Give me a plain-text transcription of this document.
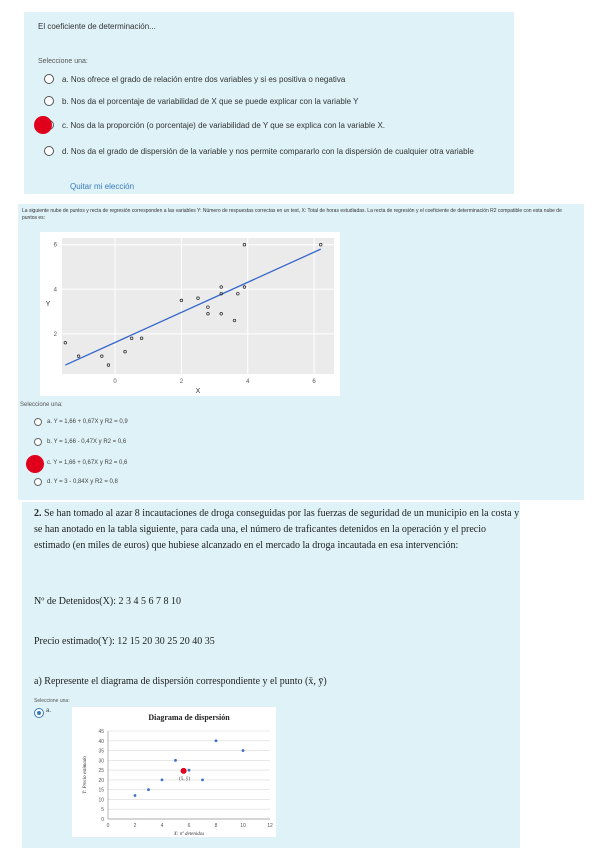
El coeficiente de determinación...
Seleccione una:
a. Nos ofrece el grado de relación entre dos variables y si es positiva o negativa
b. Nos da el porcentaje de variabilidad de X que se puede explicar con la variable Y
c. Nos da la proporción (o porcentaje) de variabilidad de Y que se explica con la variable X.
d. Nos da el grado de dispersión de la variable y nos permite compararlo con la dispersión de cualquier otra variable
Quitar mi elección
La siguiente nube de puntos y recta de regresión corresponden a las variables Y: Número de respuestas correctas en un test, X: Total de horas estudiadas. La recta de regresión y el coeficiente de determinación R2 compatible con esta nube de puntos es:
0	2	4	6
2
4
6
X
Y
Seleccione una:
a. Y = 1,66 + 0,67X y R2 = 0,9
b. Y = 1,66 - 0,47X y R2 = 0,6
c. Y = 1,66 + 0,67X y R2 = 0,6
d. Y = 3 - 0,84X y R2 = 0,8
2. Se han tomado al azar 8 incautaciones de droga conseguidas por las fuerzas de seguridad de un municipio en la costa y se han anotado en la tabla siguiente, para cada una, el número de traficantes detenidos en la operación y el precio estimado (en miles de euros) que hubiese alcanzado en el mercado la droga incautada en esa intervención:
Nº de Detenidos(X): 2 3 4 5 6 7 8 10
Precio estimado(Y): 12 15 20 30 25 20 40 35
a) Represente el diagrama de dispersión correspondiente y el punto (x̄, ȳ)
Seleccione una:
a.
Diagrama de dispersión
0
5
10
15
20
25
30
35
40
45
0	2	4	6	8	10	12
(x̄, ȳ)
X: nº detenidos
Y: Precio estimado
